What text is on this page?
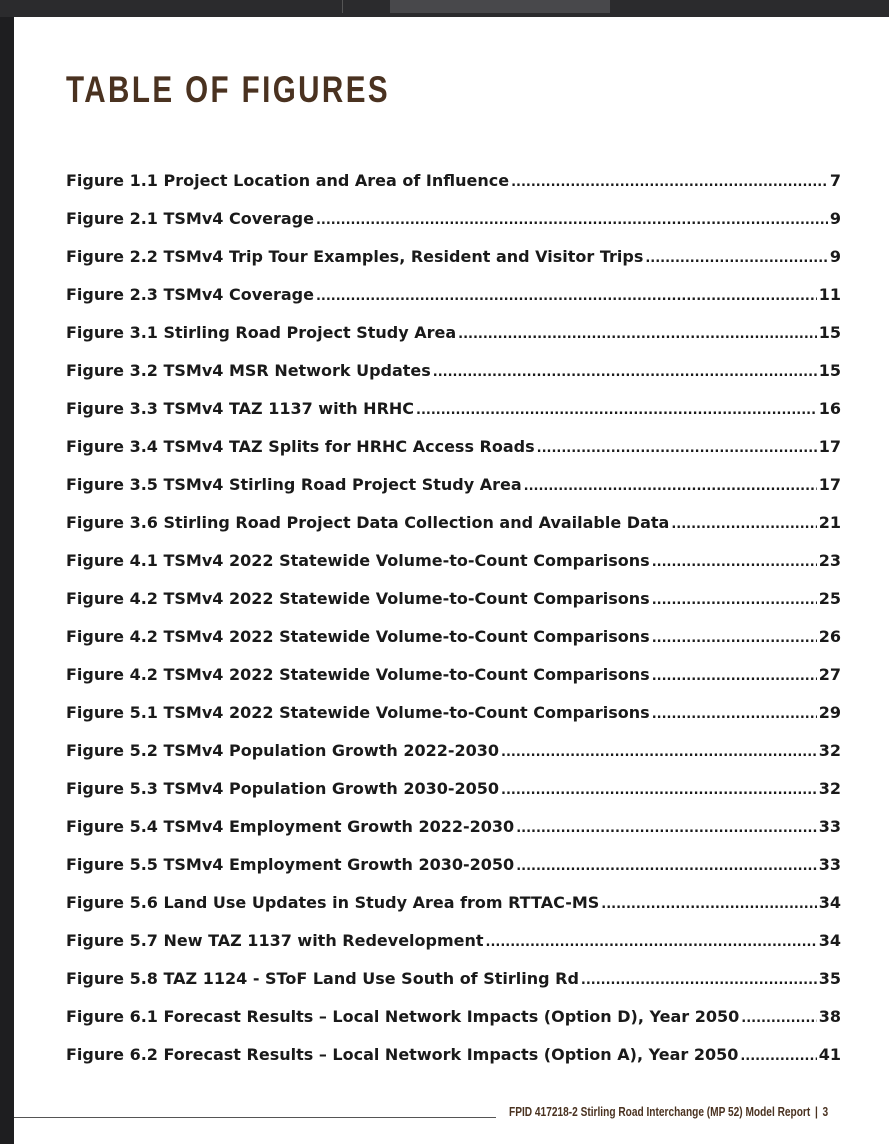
TABLE OF FIGURES
Figure 1.1 Project Location and Area of Influence .....	7
Figure 2.1 TSMv4 Coverage .....	9
Figure 2.2 TSMv4 Trip Tour Examples, Resident and Visitor Trips .....	9
Figure 2.3 TSMv4 Coverage .....	11
Figure 3.1 Stirling Road Project Study Area .....	15
Figure 3.2 TSMv4 MSR Network Updates .....	15
Figure 3.3 TSMv4 TAZ 1137 with HRHC .....	16
Figure 3.4 TSMv4 TAZ Splits for HRHC Access Roads .....	17
Figure 3.5 TSMv4 Stirling Road Project Study Area .....	17
Figure 3.6 Stirling Road Project Data Collection and Available Data .....	21
Figure 4.1 TSMv4 2022 Statewide Volume-to-Count Comparisons .....	23
Figure 4.2 TSMv4 2022 Statewide Volume-to-Count Comparisons .....	25
Figure 4.2 TSMv4 2022 Statewide Volume-to-Count Comparisons .....	26
Figure 4.2 TSMv4 2022 Statewide Volume-to-Count Comparisons .....	27
Figure 5.1 TSMv4 2022 Statewide Volume-to-Count Comparisons .....	29
Figure 5.2 TSMv4 Population Growth 2022-2030 .....	32
Figure 5.3 TSMv4 Population Growth 2030-2050 .....	32
Figure 5.4 TSMv4 Employment Growth 2022-2030 .....	33
Figure 5.5 TSMv4 Employment Growth 2030-2050 .....	33
Figure 5.6 Land Use Updates in Study Area from RTTAC-MS .....	34
Figure 5.7 New TAZ 1137 with Redevelopment .....	34
Figure 5.8 TAZ 1124 - SToF Land Use South of Stirling Rd .....	35
Figure 6.1 Forecast Results – Local Network Impacts (Option D), Year 2050 .....	38
Figure 6.2 Forecast Results – Local Network Impacts (Option A), Year 2050 .....	41
FPID 417218-2 Stirling Road Interchange (MP 52) Model Report | 3
